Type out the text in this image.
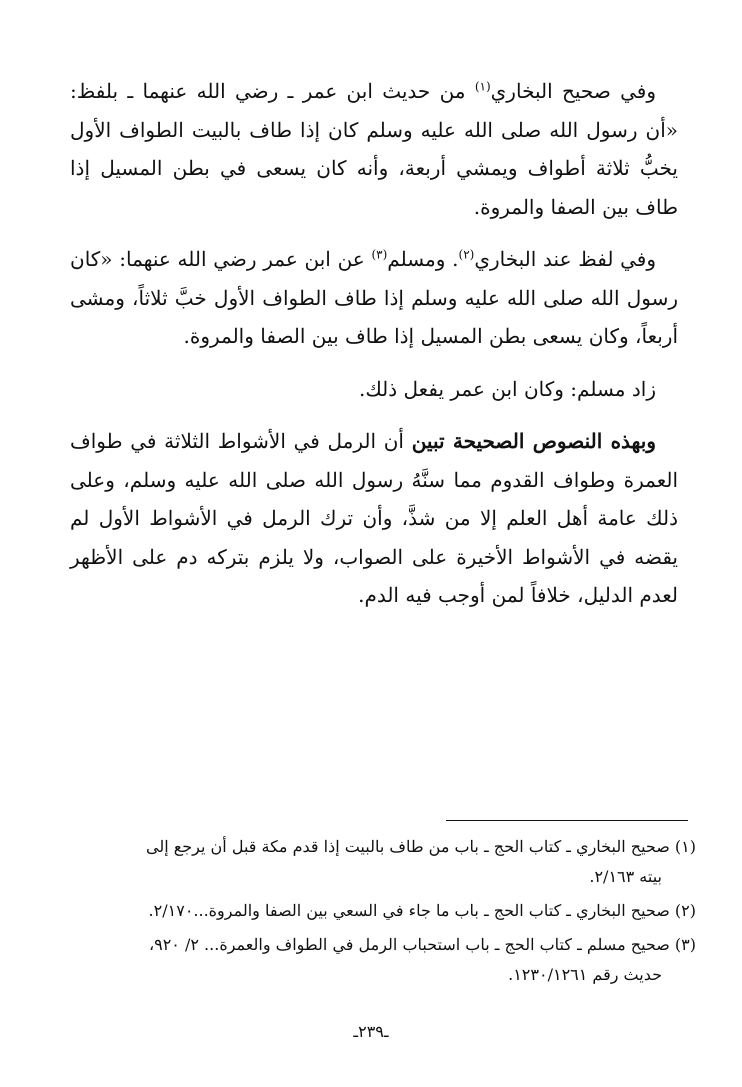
وفي صحيح البخاري$^{(١)}$ من حديث ابن عمر ـ رضي الله عنهما ـ بلفظ: «أن رسول الله صلى الله عليه وسلم كان إذا طاف بالبيت الطواف الأول يخبُّ ثلاثة أطواف ويمشي أربعة، وأنه كان يسعى في بطن المسيل إذا طاف بين الصفا والمروة.

وفي لفظ عند البخاري$^{(٢)}$. ومسلم$^{(٣)}$ عن ابن عمر رضي الله عنهما: «كان رسول الله صلى الله عليه وسلم إذا طاف الطواف الأول خبَّ ثلاثاً، ومشى أربعاً، وكان يسعى بطن المسيل إذا طاف بين الصفا والمروة.

زاد مسلم: وكان ابن عمر يفعل ذلك.

وبهذه النصوص الصحيحة تبين أن الرمل في الأشواط الثلاثة في طواف العمرة وطواف القدوم مما سنَّهُ رسول الله صلى الله عليه وسلم، وعلى ذلك عامة أهل العلم إلا من شذَّ، وأن ترك الرمل في الأشواط الأول لم يقضه في الأشواط الأخيرة على الصواب، ولا يلزم بتركه دم على الأظهر لعدم الدليل، خلافاً لمن أوجب فيه الدم.

(١) صحيح البخاري ـ كتاب الحج ـ باب من طاف بالبيت إذا قدم مكة قبل أن يرجع إلى
بيته ٢/١٦٣.

(٢) صحيح البخاري ـ كتاب الحج ـ باب ما جاء في السعي بين الصفا والمروة...٢/١٧٠.

(٣) صحيح مسلم ـ كتاب الحج ـ باب استحباب الرمل في الطواف والعمرة... ٢/ ٩٢٠،
حديث رقم ١٢٣٠/١٢٦١.

ـ٢٣٩ـ
